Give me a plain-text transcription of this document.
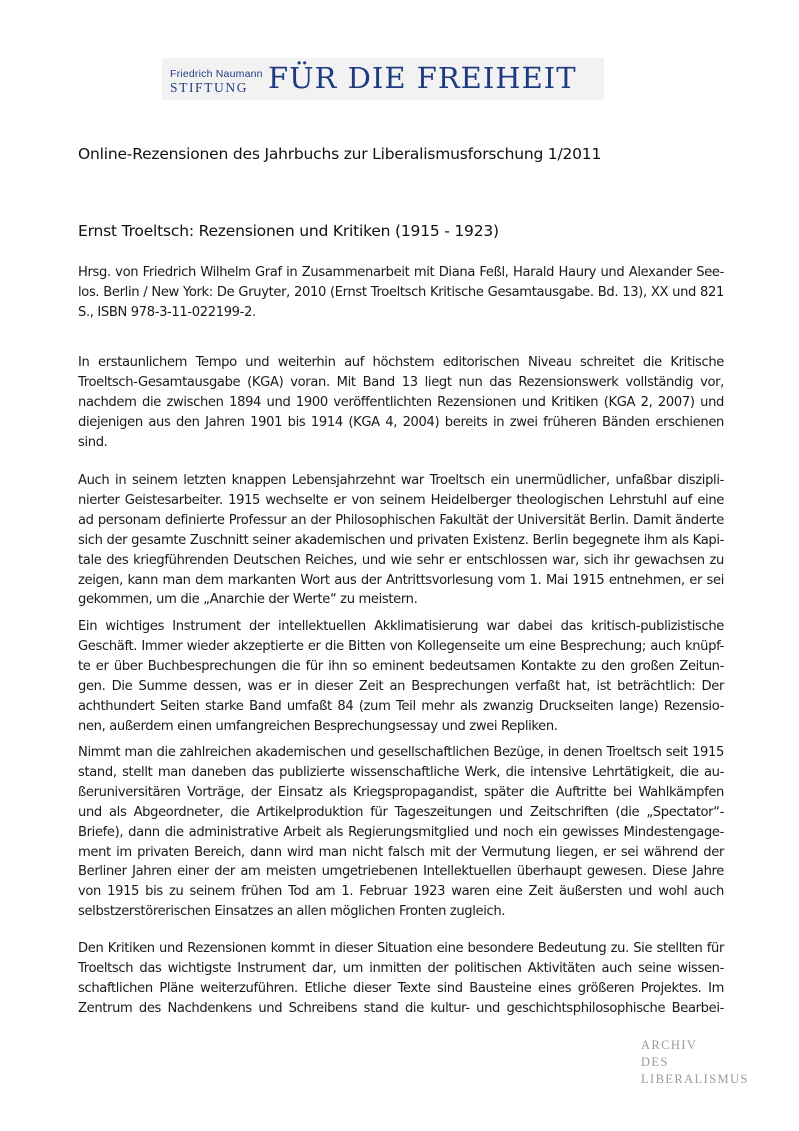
Friedrich Naumann
STIFTUNG FÜR DIE FREIHEIT
Online-Rezensionen des Jahrbuchs zur Liberalismusforschung 1/2011
Ernst Troeltsch: Rezensionen und Kritiken (1915 - 1923)
Hrsg. von Friedrich Wilhelm Graf in Zusammenarbeit mit Diana Feßl, Harald Haury und Alexander Seе-
los. Berlin / New York: De Gruyter, 2010 (Ernst Troeltsch Kritische Gesamtausgabe. Bd. 13), XX und 821
S., ISBN 978-3-11-022199-2.
In erstaunlichem Tempo und weiterhin auf höchstem editorischen Niveau schreitet die Kritische
Troeltsch-Gesamtausgabe (KGA) voran. Mit Band 13 liegt nun das Rezensionswerk vollständig vor,
nachdem die zwischen 1894 und 1900 veröffentlichten Rezensionen und Kritiken (KGA 2, 2007) und
diejenigen aus den Jahren 1901 bis 1914 (KGA 4, 2004) bereits in zwei früheren Bänden erschienen
sind.
Auch in seinem letzten knappen Lebensjahrzehnt war Troeltsch ein unermüdlicher, unfaßbar diszipli-
nierter Geistesarbeiter. 1915 wechselte er von seinem Heidelberger theologischen Lehrstuhl auf eine
ad personam definierte Professur an der Philosophischen Fakultät der Universität Berlin. Damit änderte
sich der gesamte Zuschnitt seiner akademischen und privaten Existenz. Berlin begegnete ihm als Kapi-
tale des kriegführenden Deutschen Reiches, und wie sehr er entschlossen war, sich ihr gewachsen zu
zeigen, kann man dem markanten Wort aus der Antrittsvorlesung vom 1. Mai 1915 entnehmen, er sei
gekommen, um die „Anarchie der Werte“ zu meistern.
Ein wichtiges Instrument der intellektuellen Akklimatisierung war dabei das kritisch-publizistische
Geschäft. Immer wieder akzeptierte er die Bitten von Kollegenseite um eine Besprechung; auch knüpf-
te er über Buchbesprechungen die für ihn so eminent bedeutsamen Kontakte zu den großen Zeitun-
gen. Die Summe dessen, was er in dieser Zeit an Besprechungen verfaßt hat, ist beträchtlich: Der
achthundert Seiten starke Band umfaßt 84 (zum Teil mehr als zwanzig Druckseiten lange) Rezensio-
nen, außerdem einen umfangreichen Besprechungsessay und zwei Repliken.
Nimmt man die zahlreichen akademischen und gesellschaftlichen Bezüge, in denen Troeltsch seit 1915
stand, stellt man daneben das publizierte wissenschaftliche Werk, die intensive Lehrtätigkeit, die au-
ßeruniversitären Vorträge, der Einsatz als Kriegspropagandist, später die Auftritte bei Wahlkämpfen
und als Abgeordneter, die Artikelproduktion für Tageszeitungen und Zeitschriften (die „Spectator“-
Briefe), dann die administrative Arbeit als Regierungsmitglied und noch ein gewisses Mindestengage-
ment im privaten Bereich, dann wird man nicht falsch mit der Vermutung liegen, er sei während der
Berliner Jahren einer der am meisten umgetriebenen Intellektuellen überhaupt gewesen. Diese Jahre
von 1915 bis zu seinem frühen Tod am 1. Februar 1923 waren eine Zeit äußersten und wohl auch
selbstzerstörerischen Einsatzes an allen möglichen Fronten zugleich.
Den Kritiken und Rezensionen kommt in dieser Situation eine besondere Bedeutung zu. Sie stellten für
Troeltsch das wichtigste Instrument dar, um inmitten der politischen Aktivitäten auch seine wissen-
schaftlichen Pläne weiterzuführen. Etliche dieser Texte sind Bausteine eines größeren Projektes. Im
Zentrum des Nachdenkens und Schreibens stand die kultur- und geschichtsphilosophische Bearbei-
ARCHIV
DES
LIBERALISMUS
